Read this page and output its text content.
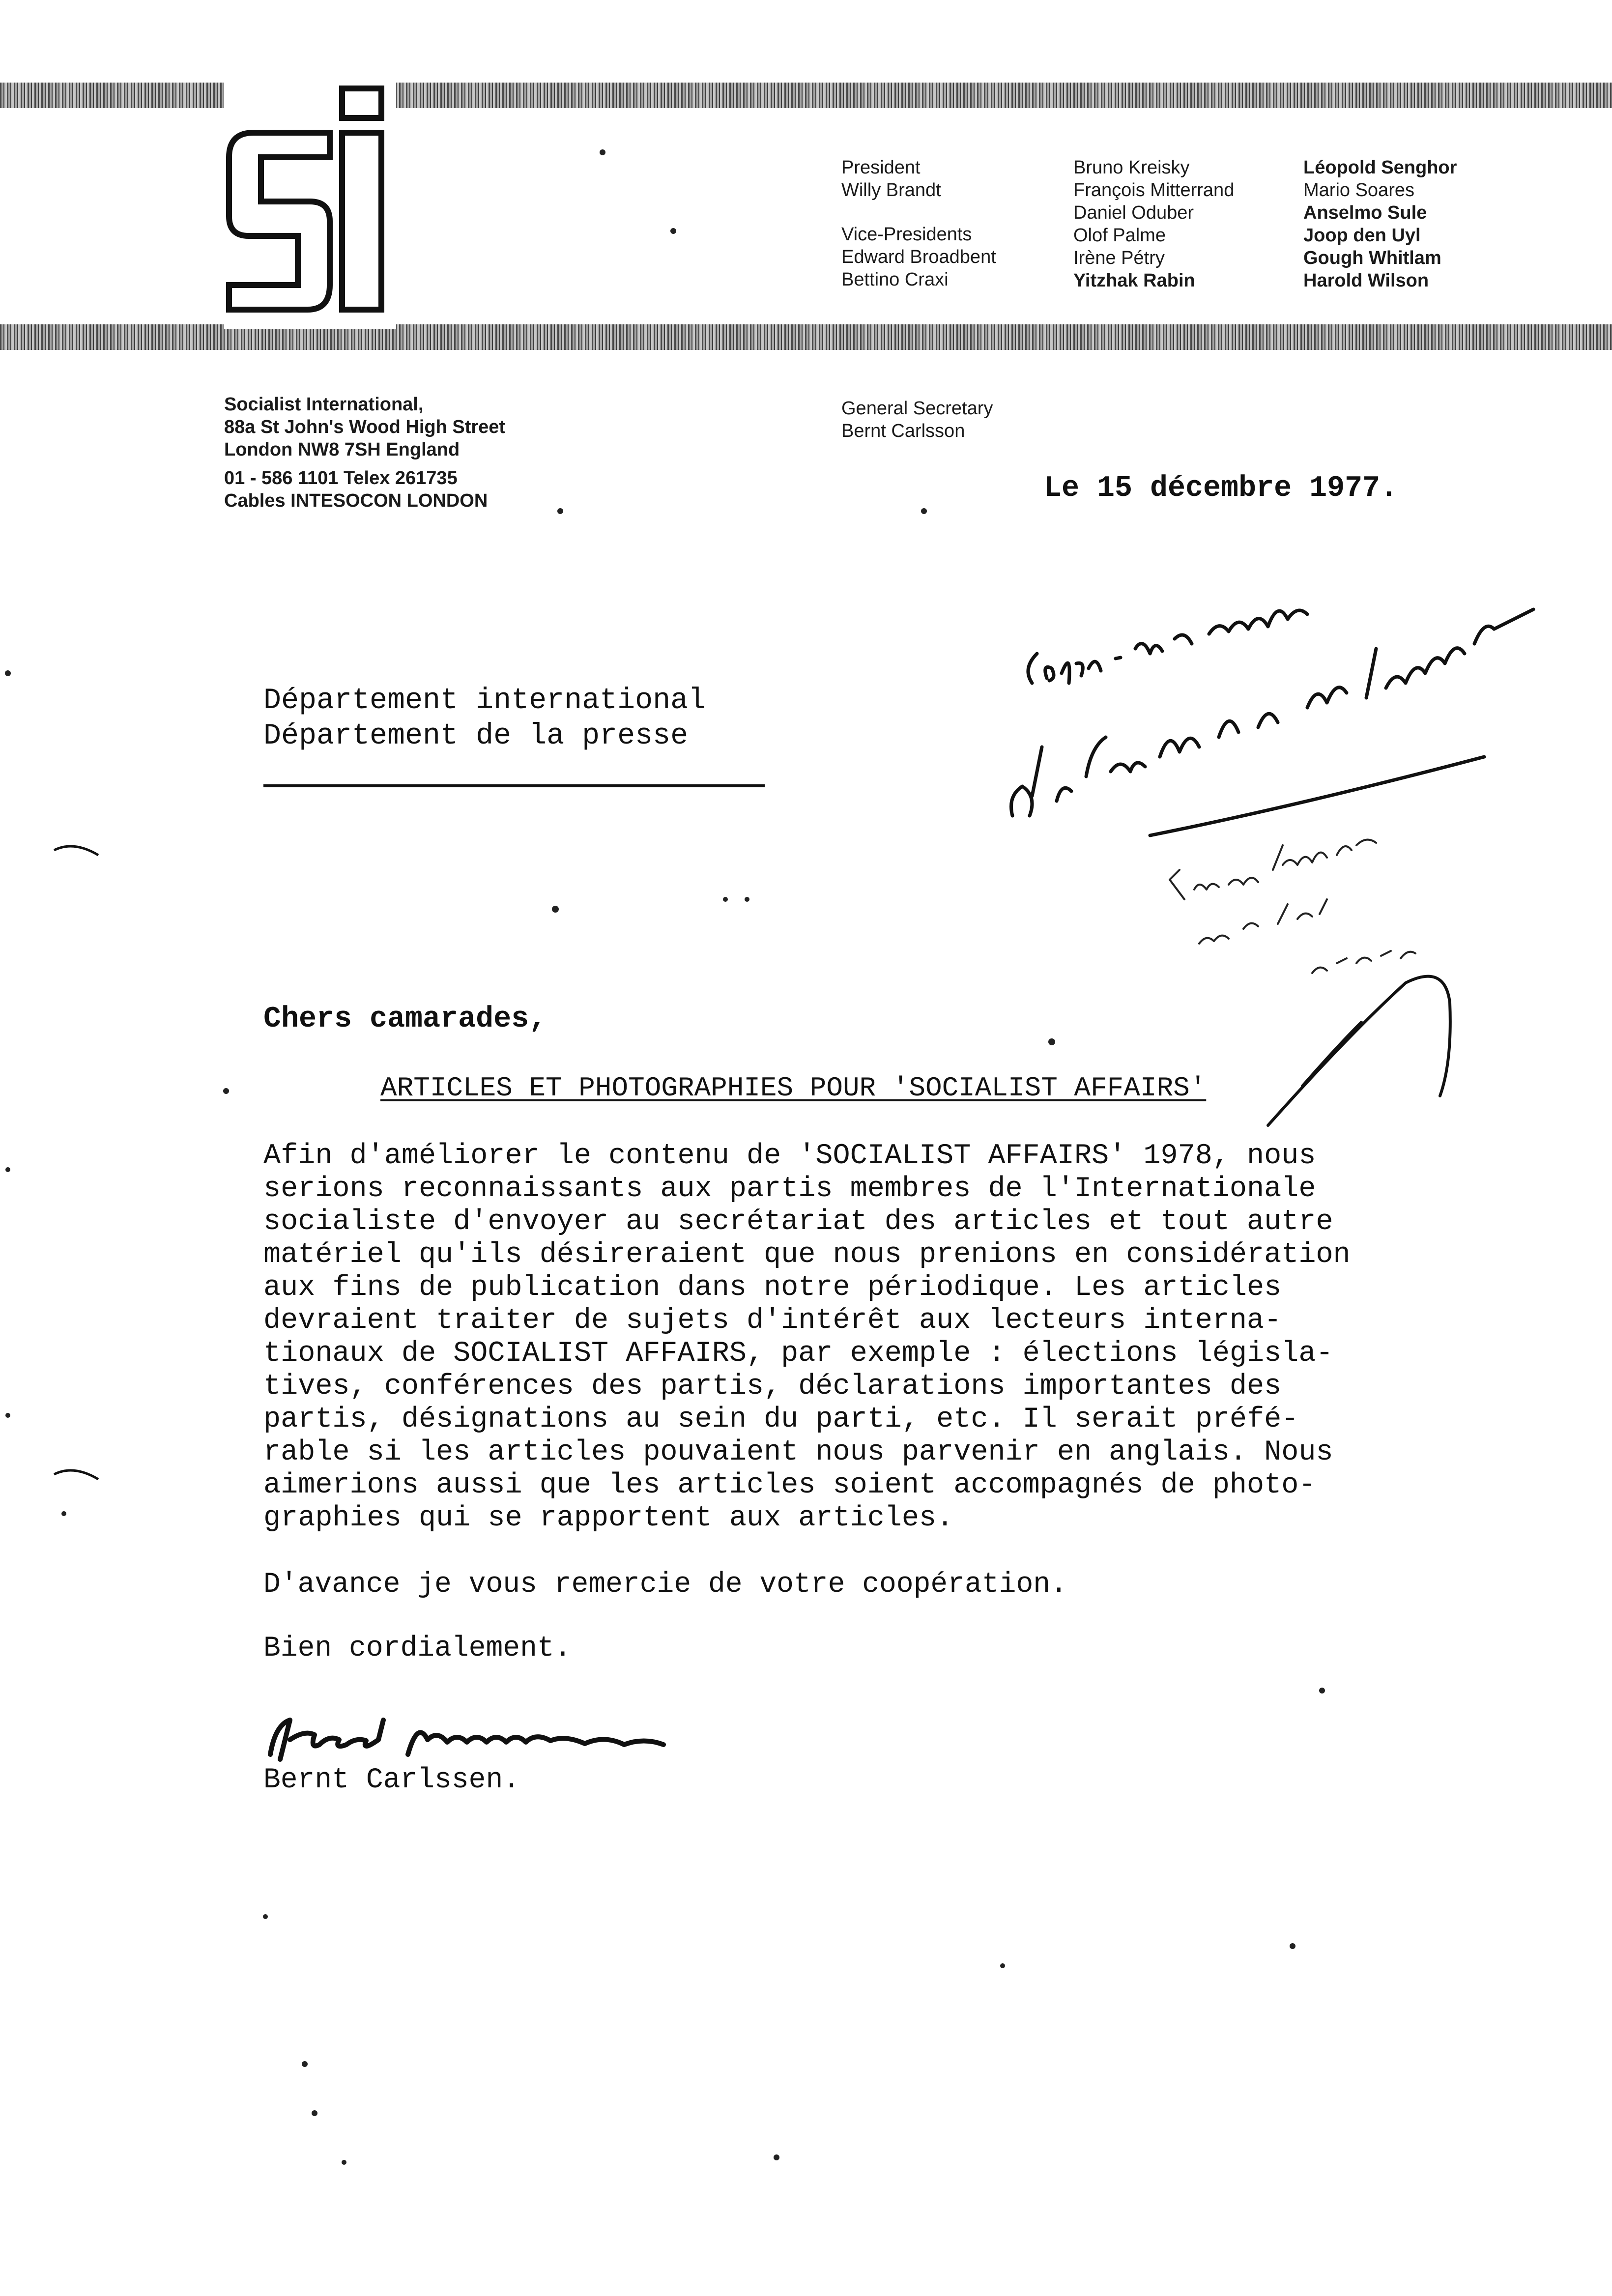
President
Willy Brandt
Vice-Presidents
Edward Broadbent
Bettino Craxi
Bruno Kreisky
François Mitterrand
Daniel Oduber
Olof Palme
Irène Pétry
Yitzhak Rabin
Léopold Senghor
Mario Soares
Anselmo Sule
Joop den Uyl
Gough Whitlam
Harold Wilson
Socialist International,
88a St John's Wood High Street
London NW8 7SH England
01 - 586 1101 Telex 261735
Cables INTESOCON LONDON
General Secretary
Bernt Carlsson
Le 15 décembre 1977.
Département international
Département de la presse
Chers camarades,
ARTICLES ET PHOTOGRAPHIES POUR 'SOCIALIST AFFAIRS'
Afin d'améliorer le contenu de 'SOCIALIST AFFAIRS' 1978, nous
serions reconnaissants aux partis membres de l'Internationale
socialiste d'envoyer au secrétariat des articles et tout autre
matériel qu'ils désireraient que nous prenions en considération
aux fins de publication dans notre périodique. Les articles
devraient traiter de sujets d'intérêt aux lecteurs interna-
tionaux de SOCIALIST AFFAIRS, par exemple : élections législa-
tives, conférences des partis, déclarations importantes des
partis, désignations au sein du parti, etc. Il serait préfé-
rable si les articles pouvaient nous parvenir en anglais. Nous
aimerions aussi que les articles soient accompagnés de photo-
graphies qui se rapportent aux articles.
D'avance je vous remercie de votre coopération.
Bien cordialement.
Bernt Carlssen.
